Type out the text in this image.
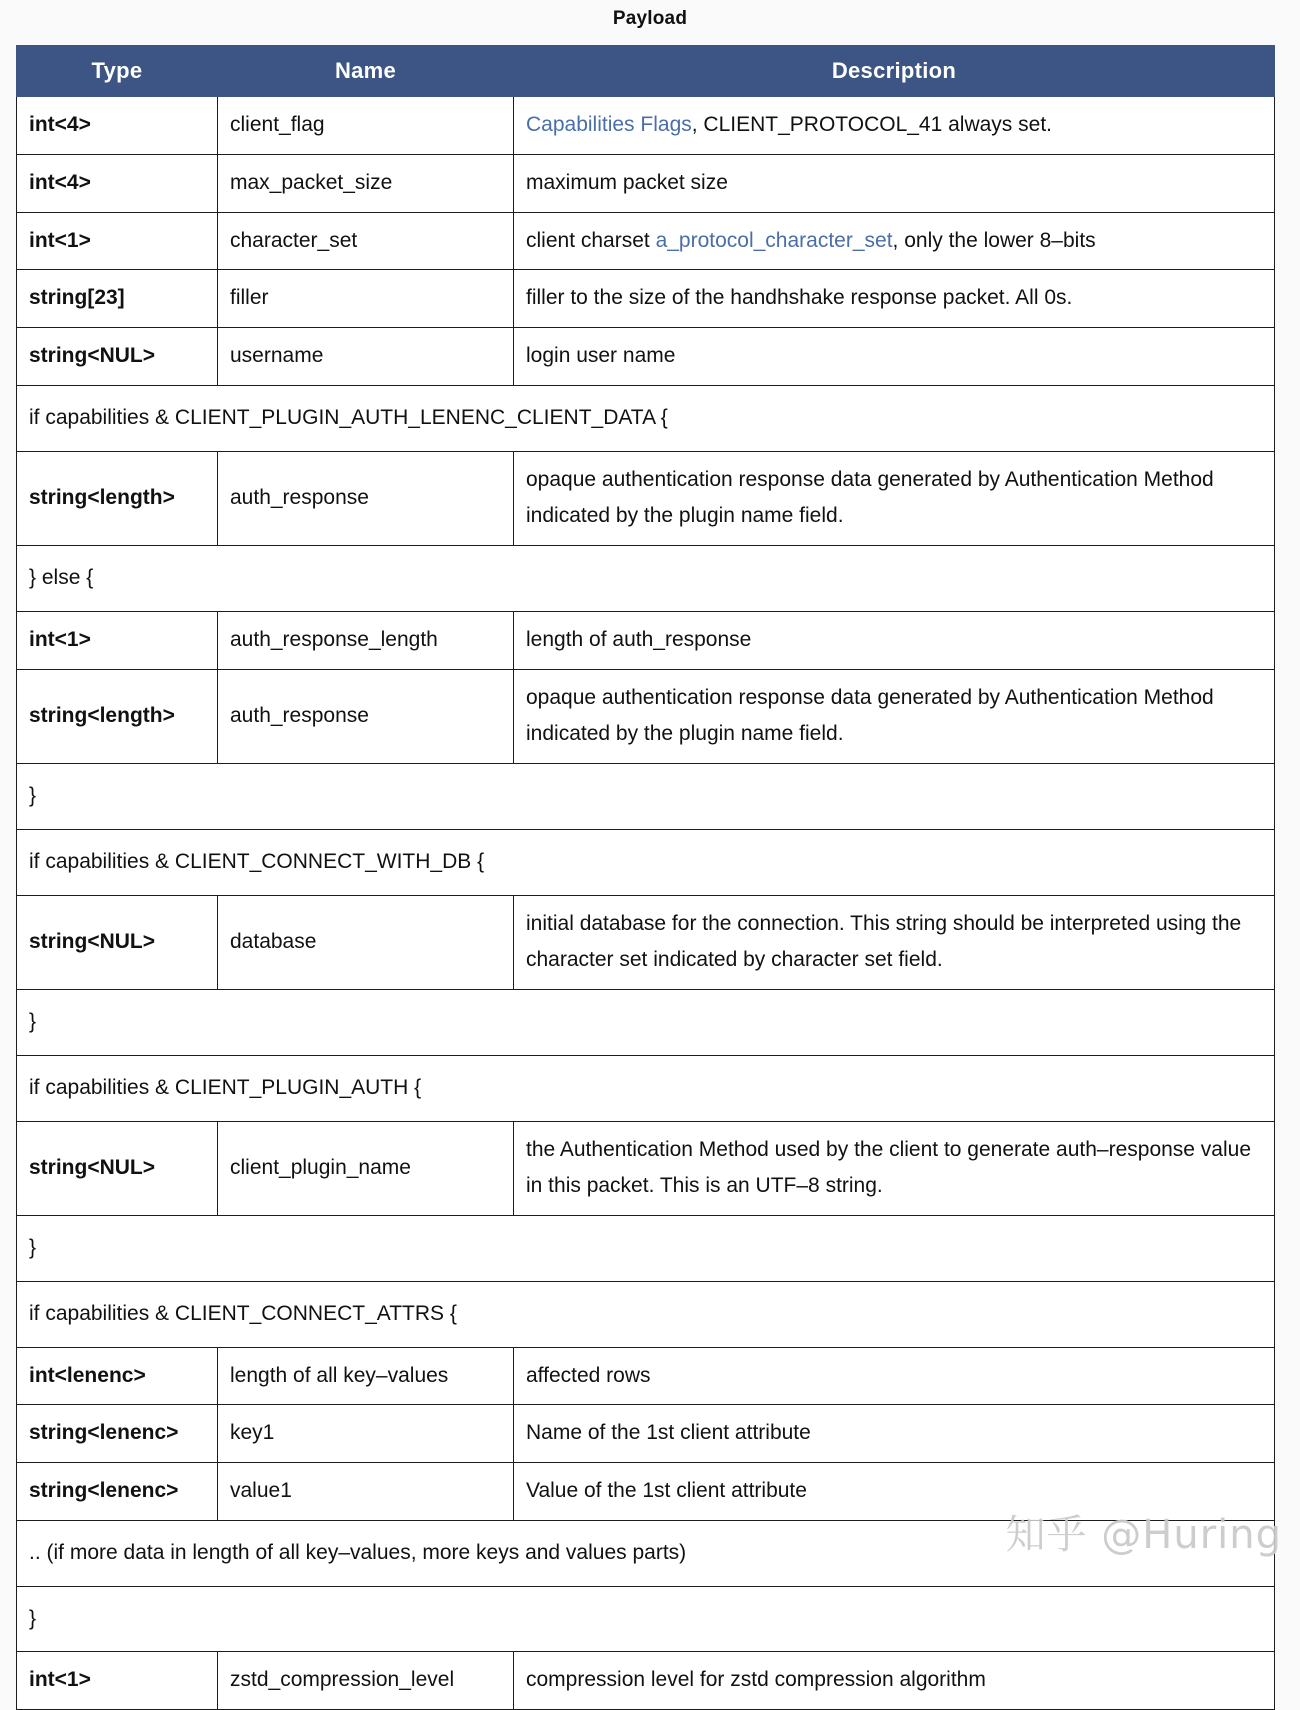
Payload
Type	Name	Description
int<4>	client_flag	Capabilities Flags, CLIENT_PROTOCOL_41 always set.
int<4>	max_packet_size	maximum packet size
int<1>	character_set	client charset a_protocol_character_set, only the lower 8–bits
string[23]	filler	filler to the size of the handhshake response packet. All 0s.
string<NUL>	username	login user name
if capabilities & CLIENT_PLUGIN_AUTH_LENENC_CLIENT_DATA {		
string<length>	auth_response	opaque authentication response data generated by Authentication Method indicated by the plugin name field.
} else {		
int<1>	auth_response_length	length of auth_response
string<length>	auth_response	opaque authentication response data generated by Authentication Method indicated by the plugin name field.
}		
if capabilities & CLIENT_CONNECT_WITH_DB {		
string<NUL>	database	initial database for the connection. This string should be interpreted using the character set indicated by character set field.
}		
if capabilities & CLIENT_PLUGIN_AUTH {		
string<NUL>	client_plugin_name	the Authentication Method used by the client to generate auth–response value in this packet. This is an UTF–8 string.
}		
if capabilities & CLIENT_CONNECT_ATTRS {		
int<lenenc>	length of all key–values	affected rows
string<lenenc>	key1	Name of the 1st client attribute
string<lenenc>	value1	Value of the 1st client attribute
.. (if more data in length of all key–values, more keys and values parts)		
}		
int<1>	zstd_compression_level	compression level for zstd compression algorithm
知乎 @Huring
